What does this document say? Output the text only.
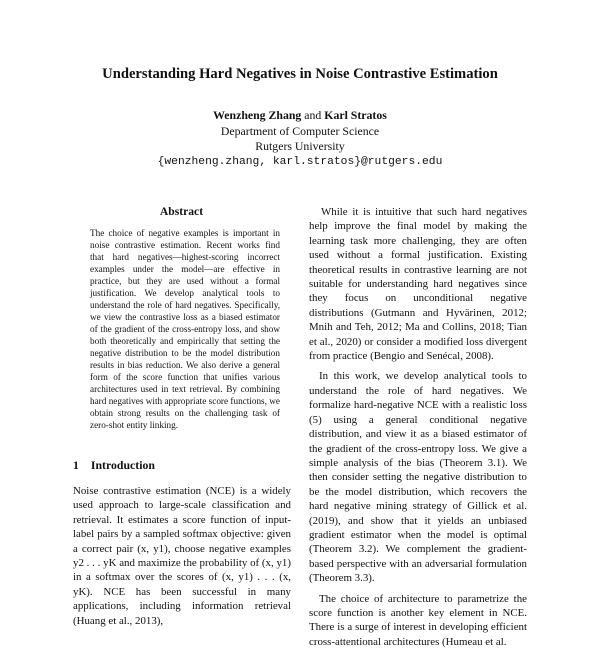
Understanding Hard Negatives in Noise Contrastive Estimation
Wenzheng Zhang and Karl Stratos
Department of Computer Science
Rutgers University
{wenzheng.zhang, karl.stratos}@rutgers.edu
Abstract

The choice of negative examples is important in noise contrastive estimation. Recent works find that hard negatives—highest-scoring incorrect examples under the model—are effective in practice, but they are used without a formal justification. We develop analytical tools to understand the role of hard negatives. Specifically, we view the contrastive loss as a biased estimator of the gradient of the cross-entropy loss, and show both theoretically and empirically that setting the negative distribution to be the model distribution results in bias reduction. We also derive a general form of the score function that unifies various architectures used in text retrieval. By combining hard negatives with appropriate score functions, we obtain strong results on the challenging task of zero-shot entity linking.

1 Introduction

Noise contrastive estimation (NCE) is a widely used approach to large-scale classification and retrieval. It estimates a score function of input-label pairs by a sampled softmax objective: given a correct pair (x, y1), choose negative examples y2 . . . yK and maximize the probability of (x, y1) in a softmax over the scores of (x, y1) . . . (x, yK). NCE has been successful in many applications, including information retrieval (Huang et al., 2013),

While it is intuitive that such hard negatives help improve the final model by making the learning task more challenging, they are often used without a formal justification. Existing theoretical results in contrastive learning are not suitable for understanding hard negatives since they focus on unconditional negative distributions (Gutmann and Hyvärinen, 2012; Mnih and Teh, 2012; Ma and Collins, 2018; Tian et al., 2020) or consider a modified loss divergent from practice (Bengio and Senécal, 2008).

In this work, we develop analytical tools to understand the role of hard negatives. We formalize hard-negative NCE with a realistic loss (5) using a general conditional negative distribution, and view it as a biased estimator of the gradient of the cross-entropy loss. We give a simple analysis of the bias (Theorem 3.1). We then consider setting the negative distribution to be the model distribution, which recovers the hard negative mining strategy of Gillick et al. (2019), and show that it yields an unbiased gradient estimator when the model is optimal (Theorem 3.2). We complement the gradient-based perspective with an adversarial formulation (Theorem 3.3).

The choice of architecture to parametrize the score function is another key element in NCE. There is a surge of interest in developing efficient cross-attentional architectures (Humeau et al.
